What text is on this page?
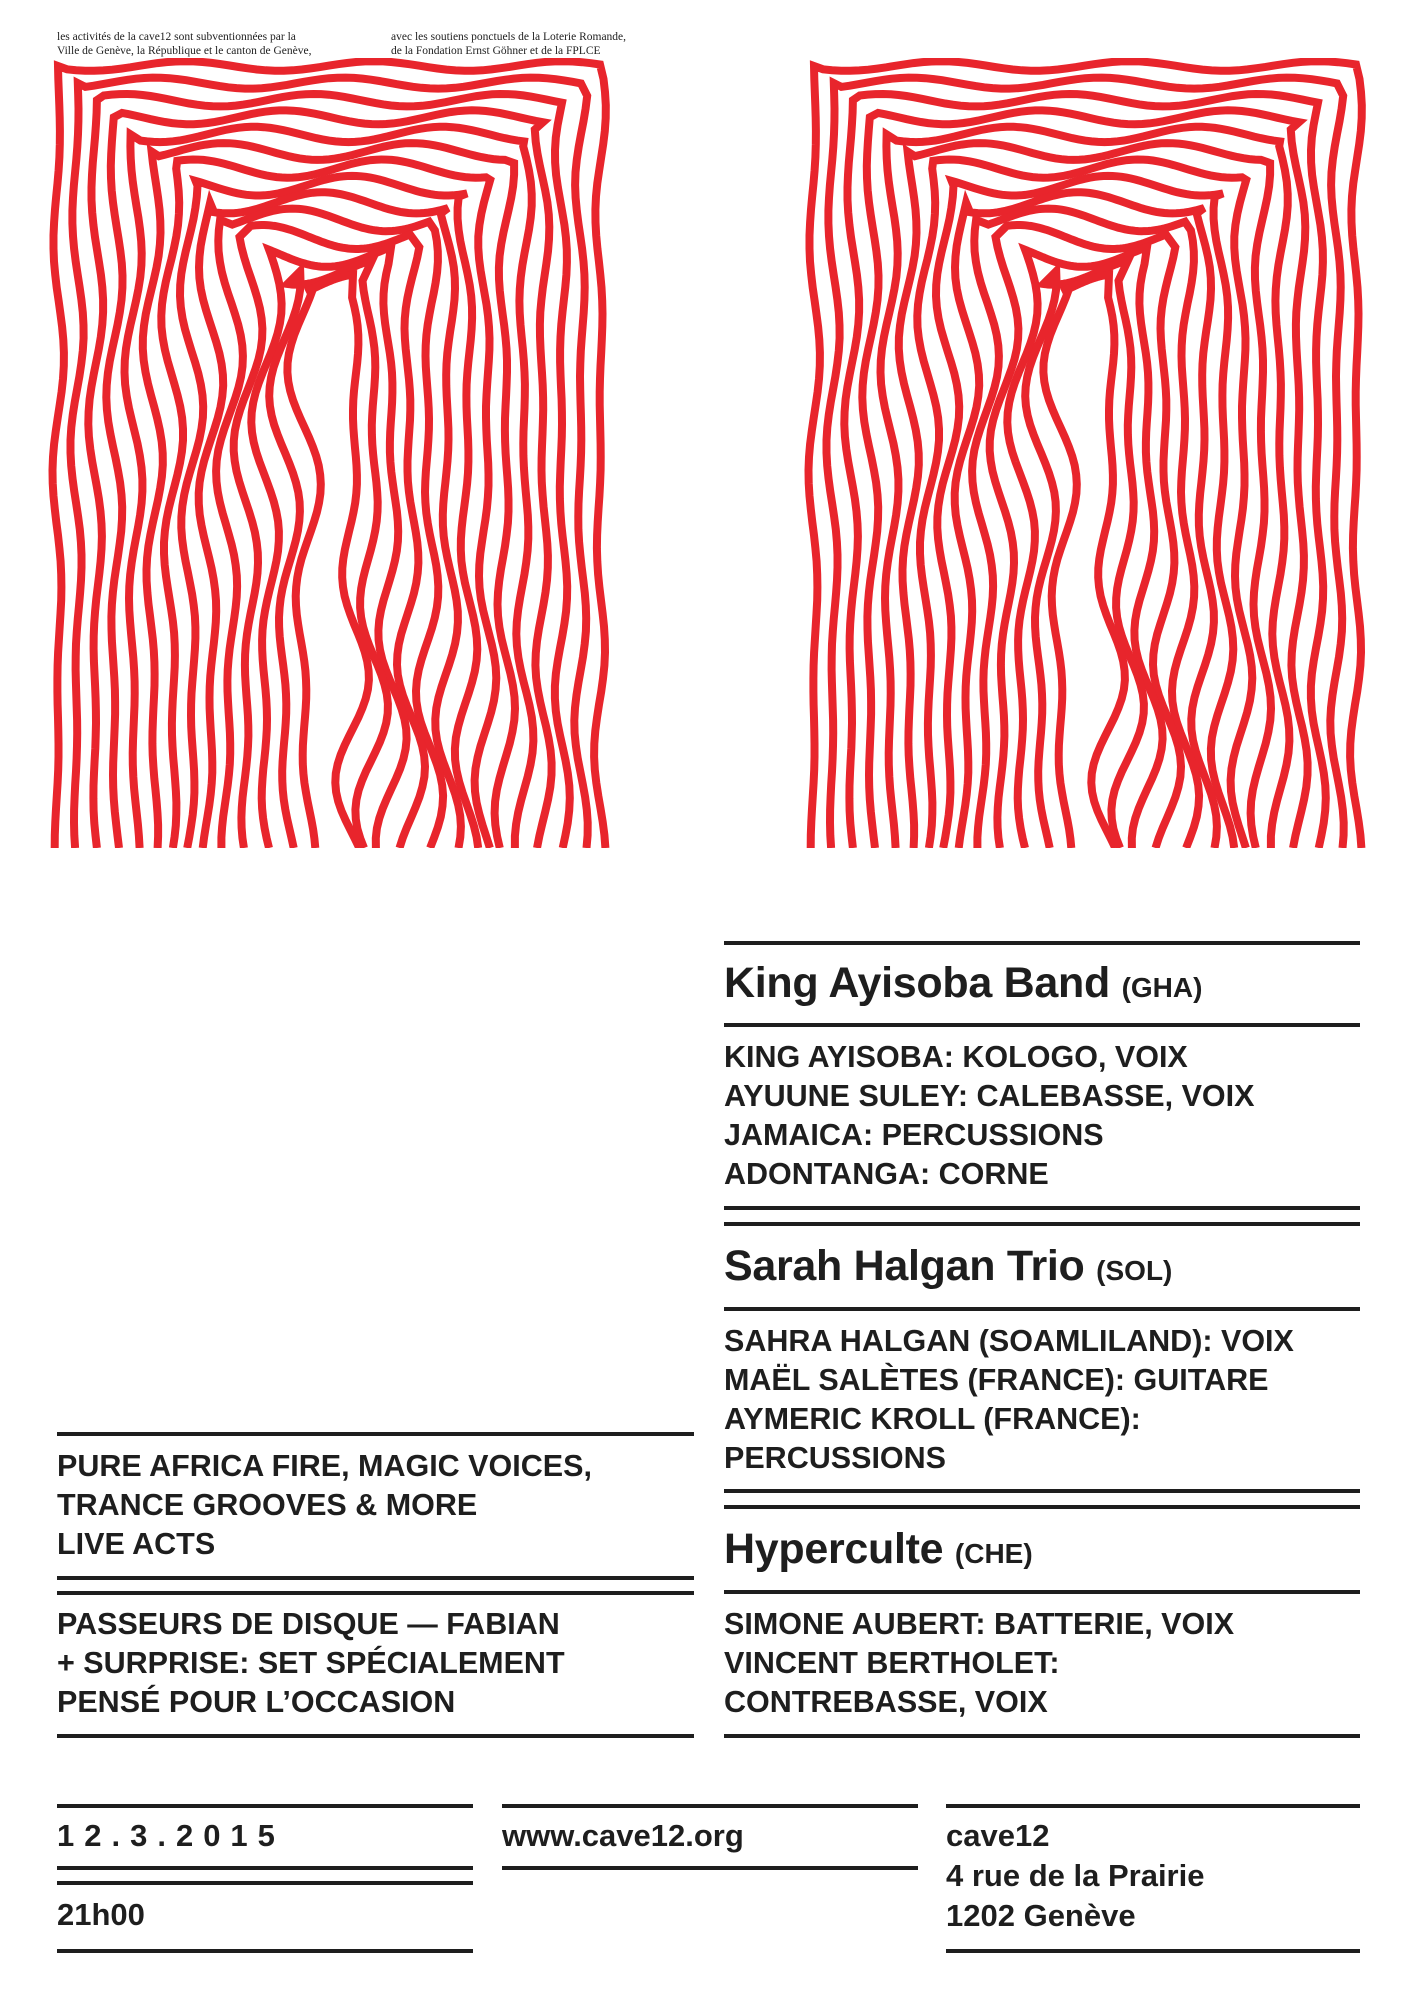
les activités de la cave12 sont subventionnées par la
Ville de Genève, la République et le canton de Genève,
avec les soutiens ponctuels de la Loterie Romande,
de la Fondation Ernst Göhner et de la FPLCE
King Ayisoba Band (GHA)
KING AYISOBA: KOLOGO, VOIX
AYUUNE SULEY: CALEBASSE, VOIX
JAMAICA: PERCUSSIONS
ADONTANGA: CORNE
Sarah Halgan Trio (SOL)
SAHRA HALGAN (SOAMLILAND): VOIX
MAËL SALÈTES (FRANCE): GUITARE
AYMERIC KROLL (FRANCE):
PERCUSSIONS
Hyperculte (CHE)
SIMONE AUBERT: BATTERIE, VOIX
VINCENT BERTHOLET:
CONTREBASSE, VOIX
PURE AFRICA FIRE, MAGIC VOICES,
TRANCE GROOVES & MORE
LIVE ACTS
PASSEURS DE DISQUE — FABIAN
+ SURPRISE: SET SPÉCIALEMENT
PENSÉ POUR L’OCCASION
12.3.2015
21h00
www.cave12.org	cave12
4 rue de la Prairie
1202 Genève
